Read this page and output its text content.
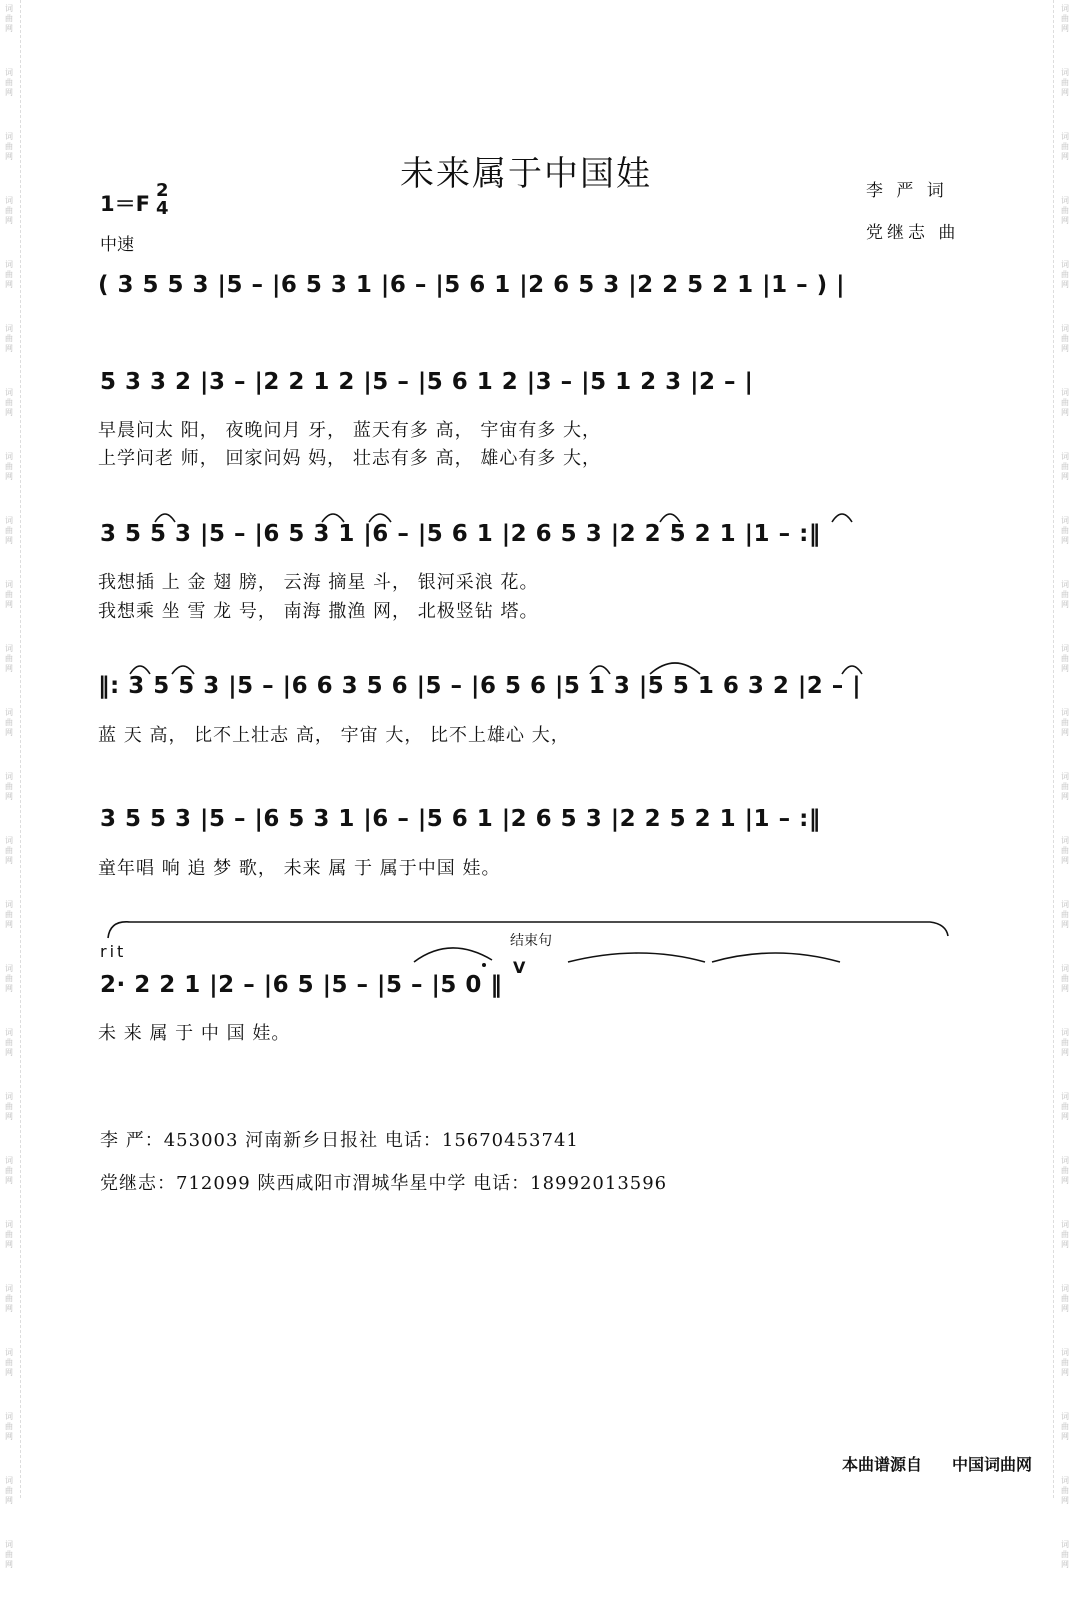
词
曲
网
词
曲
网
词
曲
网
词
曲
网
词
曲
网
词
曲
网
词
曲
网
词
曲
网
词
曲
网
词
曲
网
词
曲
网
词
曲
网
词
曲
网
词
曲
网
词
曲
网
词
曲
网
词
曲
网
词
曲
网
词
曲
网
词
曲
网
词
曲
网
词
曲
网
词
曲
网
词
曲
网
词
曲
网
词
曲
网
词
曲
网
词
曲
网
词
曲
网
词
曲
网
词
曲
网
词
曲
网
词
曲
网
词
曲
网
词
曲
网
词
曲
网
词
曲
网
词
曲
网
词
曲
网
词
曲
网
词
曲
网
词
曲
网
词
曲
网
词
曲
网
词
曲
网
词
曲
网
词
曲
网
词
曲
网
词
曲
网
词
曲
网
未来属于中国娃	李 严 词
党继志 曲
1＝F
2
4
中速
( 3 5 5 3 |5 – |6 5 3 1 |6 – |5 6 1 |2 6 5 3 |2 2 5 2 1 |1 – ) |
5 3 3 2 |3 – |2 2 1 2 |5 – |5 6 1 2 |3 – |5 1 2 3 |2 – |
早晨问太 阳， 夜晚问月 牙， 蓝天有多 高， 宇宙有多 大，
上学问老 师， 回家问妈 妈， 壮志有多 高， 雄心有多 大，
3 5 5 3 |5 – |6 5 3 1 |6 – |5 6 1 |2 6 5 3 |2 2 5 2 1 |1 – :‖
我想插 上 金 翅 膀， 云海 摘星 斗， 银河采浪 花。
我想乘 坐 雪 龙 号， 南海 撒渔 网， 北极竖钻 塔。
‖: 3 5 5 3 |5 – |6 6 3 5 6 |5 – |6 5 6 |5 1 3 |5 5 1 6 3 2 |2 – |
蓝 天 高， 比不上壮志 高， 宇宙 大， 比不上雄心 大，
3 5 5 3 |5 – |6 5 3 1 |6 – |5 6 1 |2 6 5 3 |2 2 5 2 1 |1 – :‖
童年唱 响 追 梦 歌， 未来 属 于 属于中国 娃。
rit
结束句
V
2· 2 2 1 |2 – |6 5 |5 – |5 – |5 0 ‖
未 来 属 于 中 国 娃。
李 严：453003 河南新乡日报社 电话：15670453741
党继志：712099 陕西咸阳市渭城华星中学 电话：18992013596
本曲谱源自 中国词曲网
